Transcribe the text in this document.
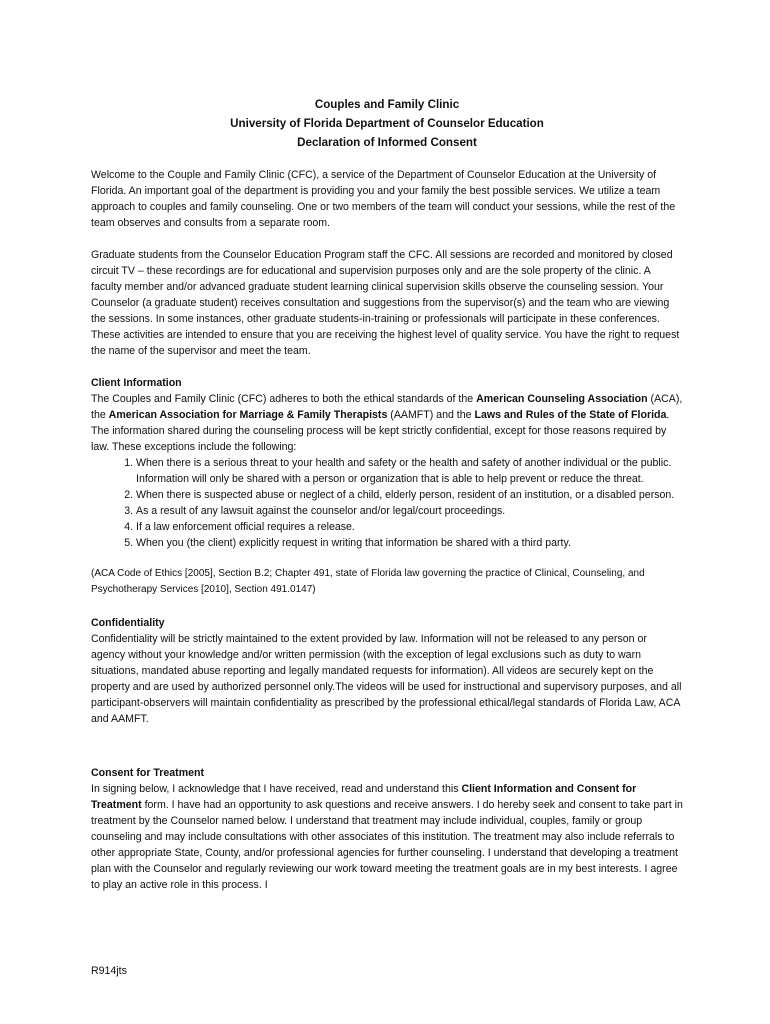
Couples and Family Clinic
University of Florida Department of Counselor Education
Declaration of Informed Consent

Welcome to the Couple and Family Clinic (CFC), a service of the Department of Counselor Education at the University of Florida. An important goal of the department is providing you and your family the best possible services. We utilize a team approach to couples and family counseling. One or two members of the team will conduct your sessions, while the rest of the team observes and consults from a separate room.

Graduate students from the Counselor Education Program staff the CFC. All sessions are recorded and monitored by closed circuit TV – these recordings are for educational and supervision purposes only and are the sole property of the clinic. A faculty member and/or advanced graduate student learning clinical supervision skills observe the counseling session. Your Counselor (a graduate student) receives consultation and suggestions from the supervisor(s) and the team who are viewing the sessions. In some instances, other graduate students-in-training or professionals will participate in these conferences. These activities are intended to ensure that you are receiving the highest level of quality service. You have the right to request the name of the supervisor and meet the team.

Client Information

The Couples and Family Clinic (CFC) adheres to both the ethical standards of the American Counseling Association (ACA), the American Association for Marriage & Family Therapists (AAMFT) and the Laws and Rules of the State of Florida. The information shared during the counseling process will be kept strictly confidential, except for those reasons required by law. These exceptions include the following:

1. When there is a serious threat to your health and safety or the health and safety of another individual or the public. Information will only be shared with a person or organization that is able to help prevent or reduce the threat.
2. When there is suspected abuse or neglect of a child, elderly person, resident of an institution, or a disabled person.
3. As a result of any lawsuit against the counselor and/or legal/court proceedings.
4. If a law enforcement official requires a release.
5. When you (the client) explicitly request in writing that information be shared with a third party.

(ACA Code of Ethics [2005], Section B.2; Chapter 491, state of Florida law governing the practice of Clinical, Counseling, and Psychotherapy Services [2010], Section 491.0147)

Confidentiality

Confidentiality will be strictly maintained to the extent provided by law. Information will not be released to any person or agency without your knowledge and/or written permission (with the exception of legal exclusions such as duty to warn situations, mandated abuse reporting and legally mandated requests for information). All videos are securely kept on the property and are used by authorized personnel only.The videos will be used for instructional and supervisory purposes, and all participant-observers will maintain confidentiality as prescribed by the professional ethical/legal standards of Florida Law, ACA and AAMFT.

Consent for Treatment

In signing below, I acknowledge that I have received, read and understand this Client Information and Consent for Treatment form. I have had an opportunity to ask questions and receive answers. I do hereby seek and consent to take part in treatment by the Counselor named below. I understand that treatment may include individual, couples, family or group counseling and may include consultations with other associates of this institution. The treatment may also include referrals to other appropriate State, County, and/or professional agencies for further counseling. I understand that developing a treatment plan with the Counselor and regularly reviewing our work toward meeting the treatment goals are in my best interests. I agree to play an active role in this process. I

R914jts
